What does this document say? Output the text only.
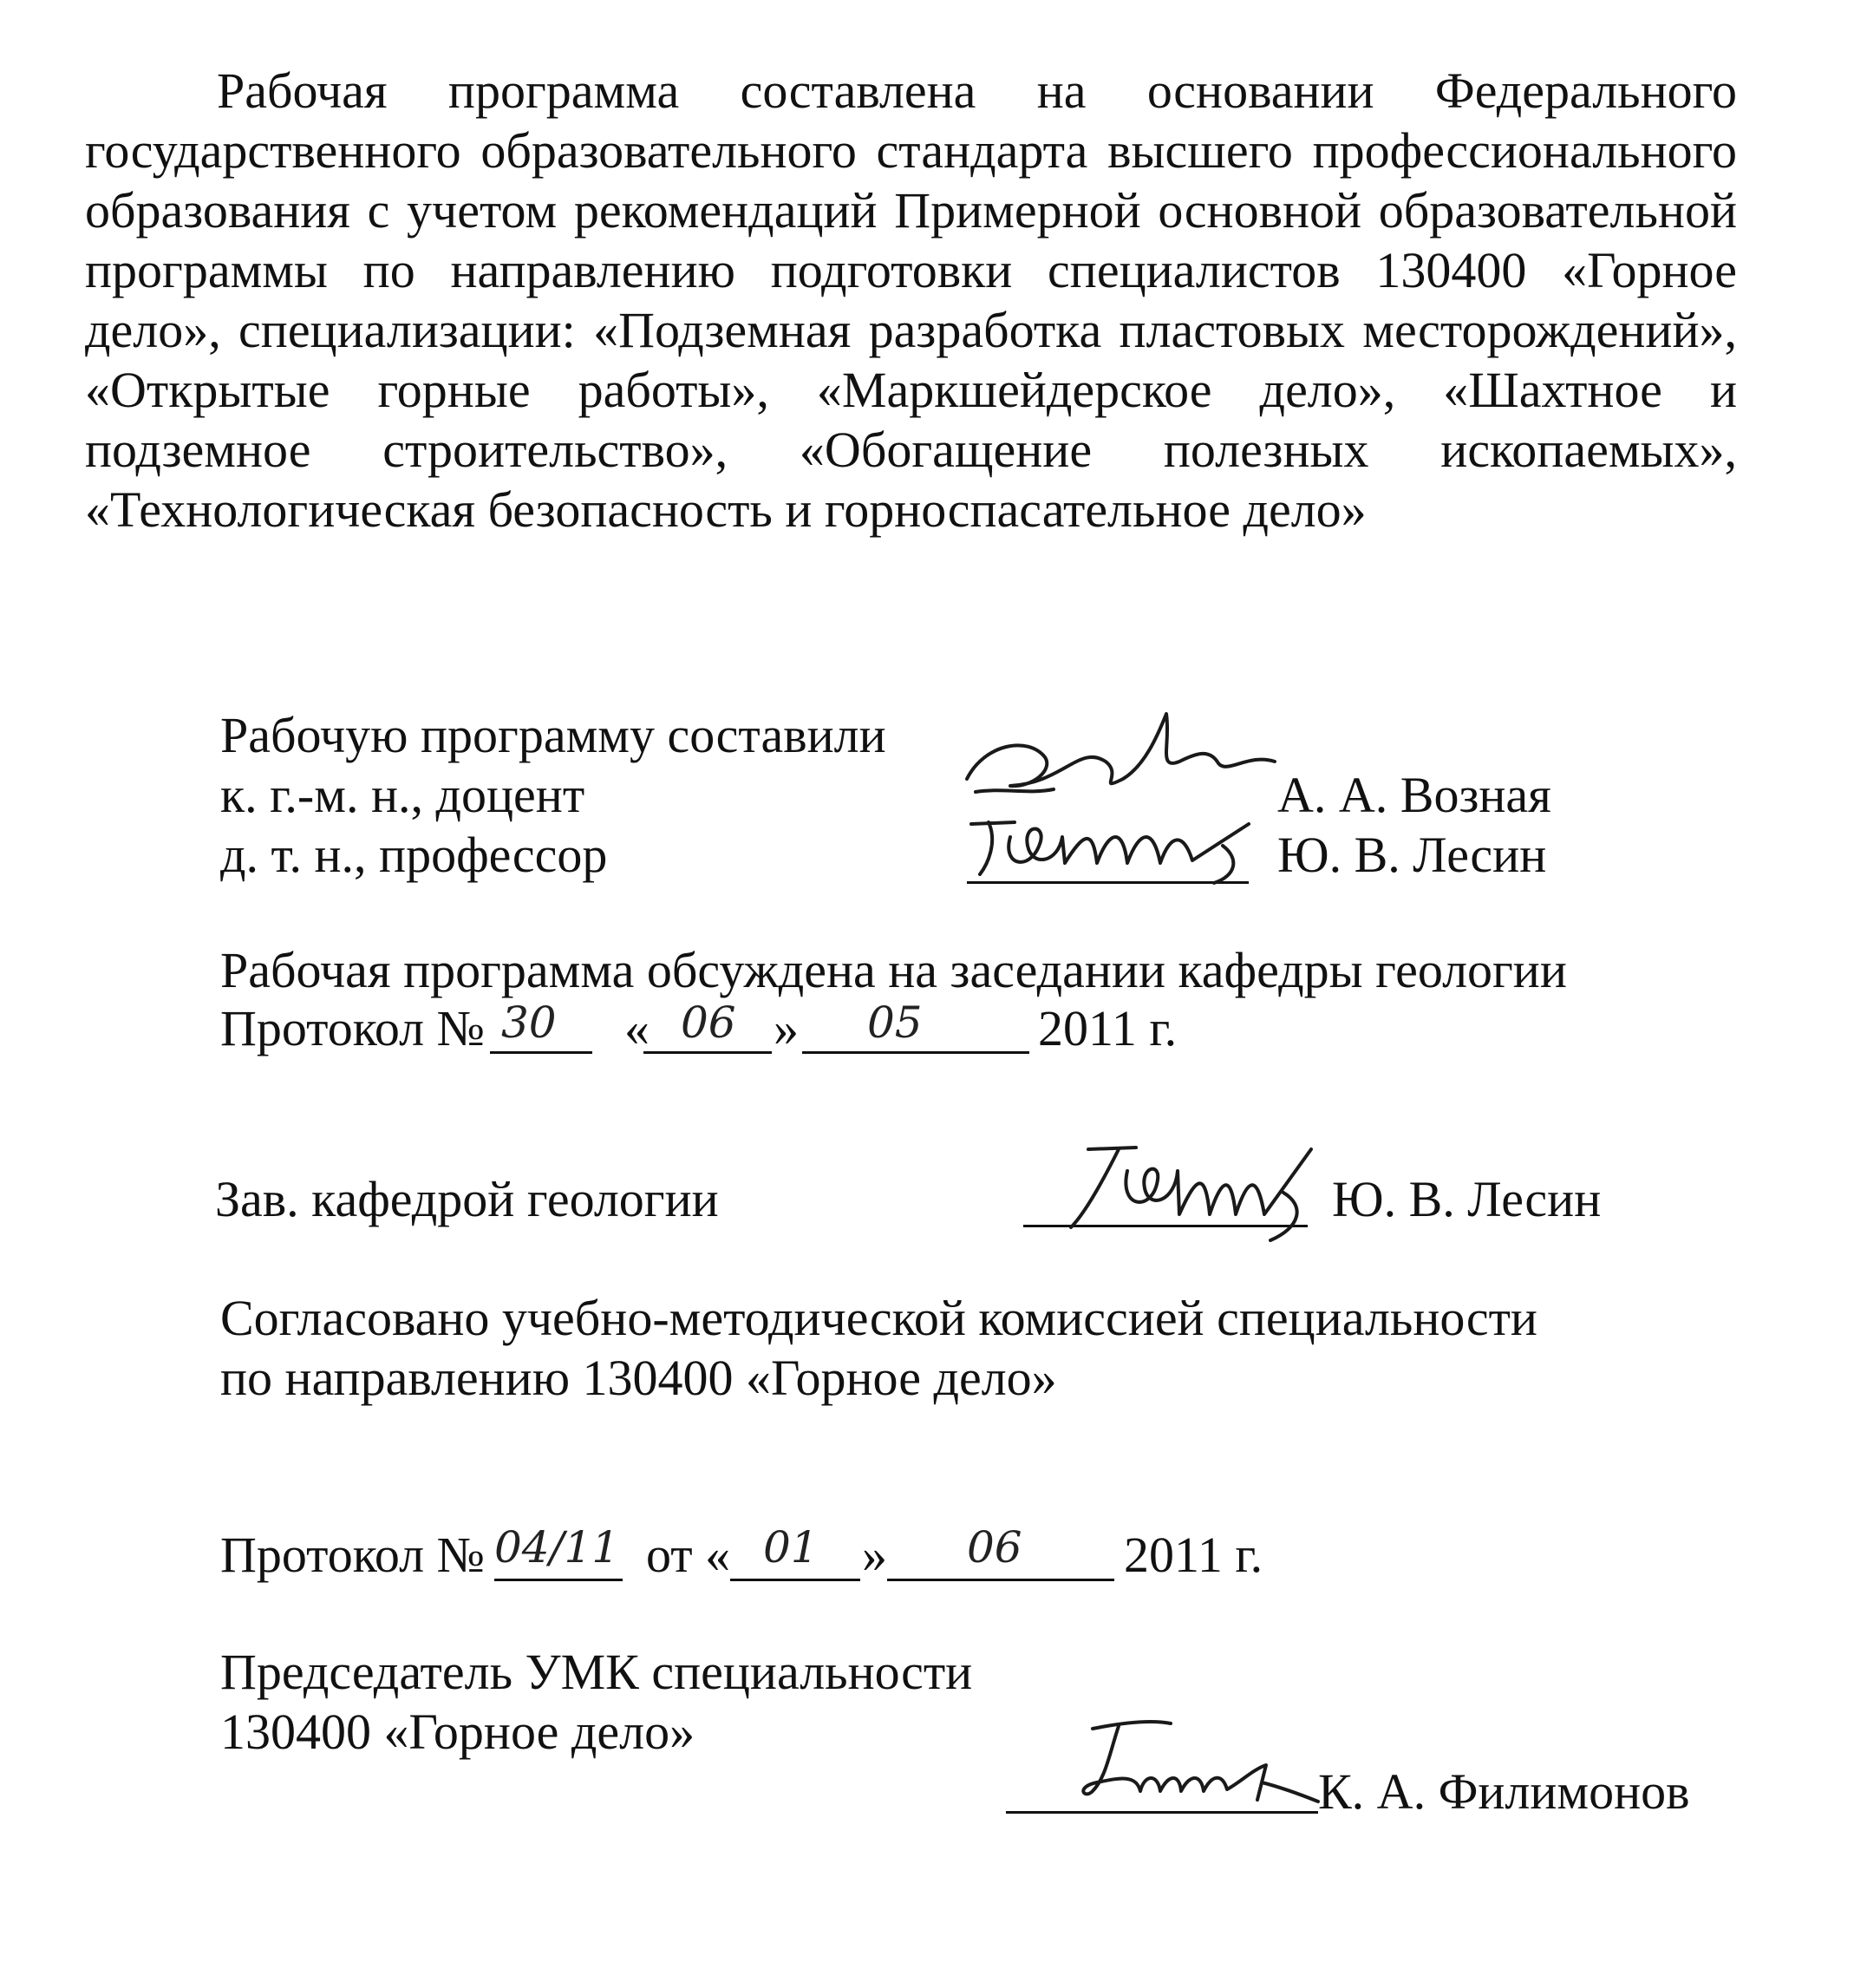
Рабочая программа составлена на основании Федерального государственного образовательного стандарта высшего профессионального образования с учетом рекомендаций Примерной основной образовательной программы по направлению подготовки специалистов 130400 «Горное дело», специализации: «Подземная разработка пластовых месторождений», «Открытые горные работы», «Маркшейдерское дело», «Шахтное и подземное строительство», «Обогащение полезных ископаемых», «Технологическая безопасность и горноспасательное дело»

Рабочую программу составили

к. г.-м. н., доцент	А. А. Возная

д. т. н., профессор	Ю. В. Лесин

Рабочая программа обсуждена на заседании кафедры геологии

Протокол № 30 « 06 » 05 2011 г.

Зав. кафедрой геологии	Ю. В. Лесин

Согласовано учебно-методической комиссией специальности

по направлению 130400 «Горное дело»

Протокол № 04/11 от « 01 » 06 2011 г.

Председатель УМК специальности

130400 «Горное дело»

К. А. Филимонов
